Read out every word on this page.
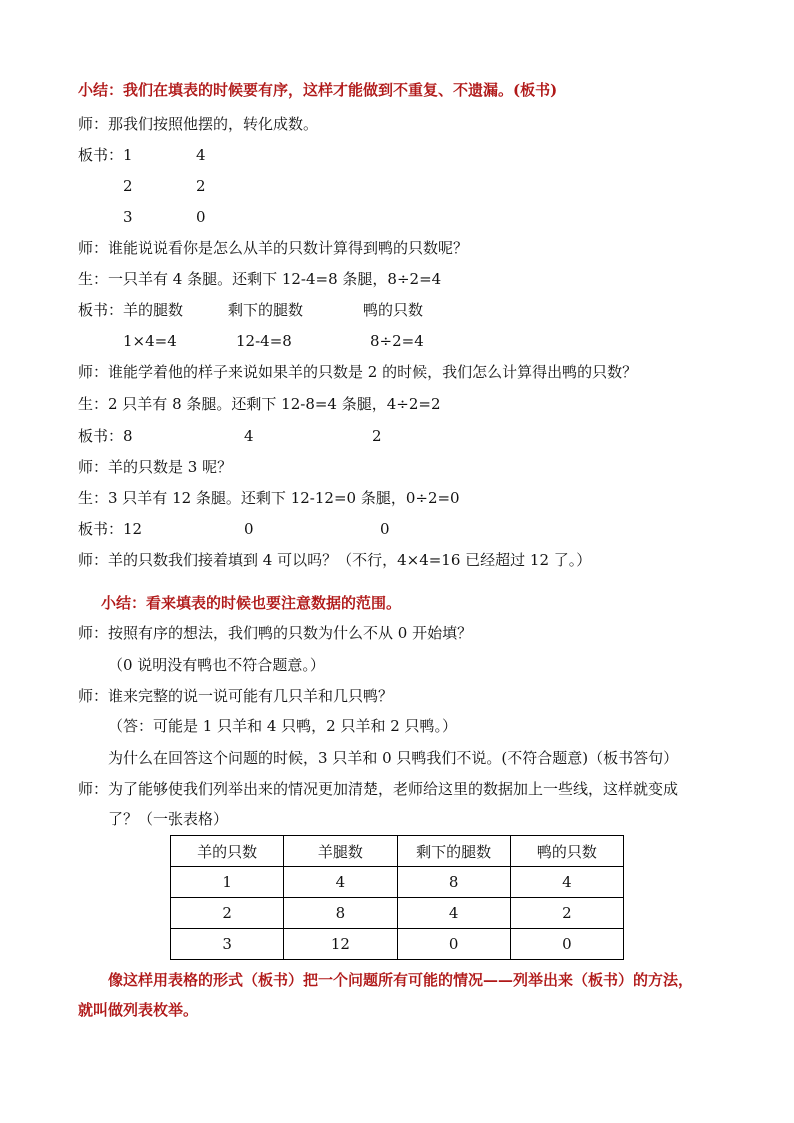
小结：我们在填表的时候要有序，这样才能做到不重复、不遗漏。(板书)
师：那我们按照他摆的，转化成数。
板书： 1	4
2	2
3	0
师：谁能说说看你是怎么从羊的只数计算得到鸭的只数呢？
生：一只羊有 4 条腿。还剩下 12-4=8 条腿，8÷2=4
板书： 羊的腿数	剩下的腿数	鸭的只数
1×4=4	12-4=8	8÷2=4
师：谁能学着他的样子来说如果羊的只数是 2 的时候，我们怎么计算得出鸭的只数？
生：2 只羊有 8 条腿。还剩下 12-8=4 条腿，4÷2=2
板书： 8	4	2
师：羊的只数是 3 呢？
生：3 只羊有 12 条腿。还剩下 12-12=0 条腿，0÷2=0
板书： 12	0	0
师：羊的只数我们接着填到 4 可以吗？（不行，4×4=16 已经超过 12 了。）
小结：看来填表的时候也要注意数据的范围。
师：按照有序的想法，我们鸭的只数为什么不从 0 开始填？
（0 说明没有鸭也不符合题意。）
师：谁来完整的说一说可能有几只羊和几只鸭？
（答：可能是 1 只羊和 4 只鸭，2 只羊和 2 只鸭。）
为什么在回答这个问题的时候，3 只羊和 0 只鸭我们不说。(不符合题意)（板书答句）
师：为了能够使我们列举出来的情况更加清楚，老师给这里的数据加上一些线，这样就变成
了？（一张表格）
羊的只数	羊腿数	剩下的腿数	鸭的只数
1	4	8	4
2	8	4	2
3	12	0	0
像这样用表格的形式（板书）把一个问题所有可能的情况——列举出来（板书）的方法，
就叫做列表枚举。
